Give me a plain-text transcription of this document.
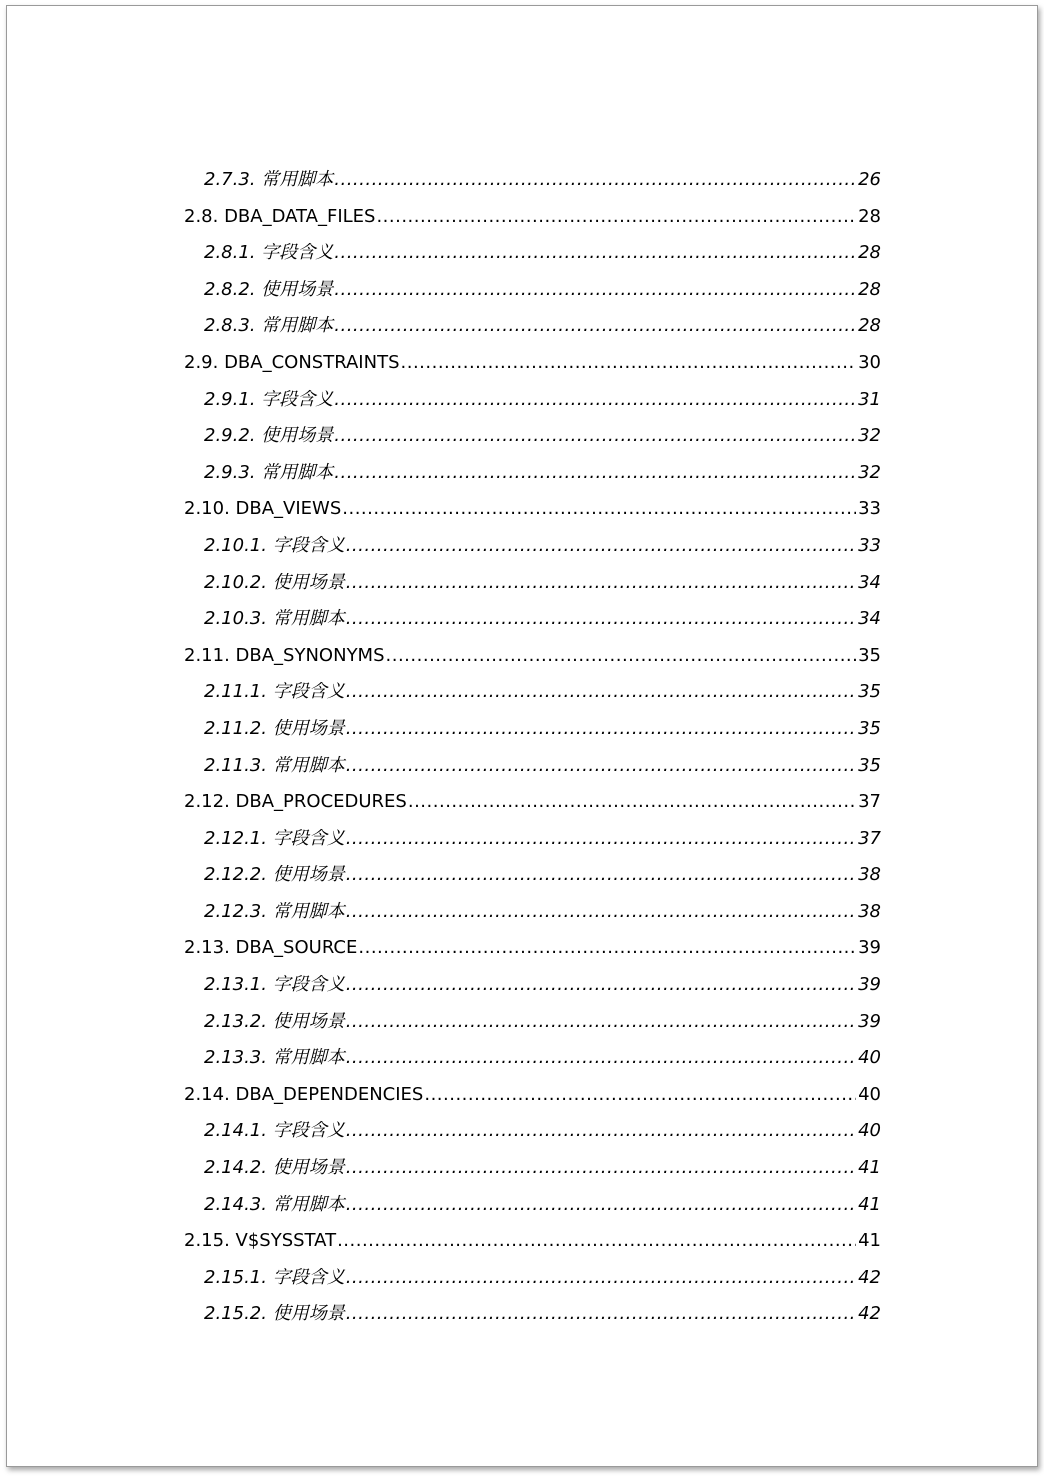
2.7.3. 常用脚本 .....	26
2.8. DBA_DATA_FILES .....	28
2.8.1. 字段含义 .....	28
2.8.2. 使用场景 .....	28
2.8.3. 常用脚本 .....	28
2.9. DBA_CONSTRAINTS .....	30
2.9.1. 字段含义 .....	31
2.9.2. 使用场景 .....	32
2.9.3. 常用脚本 .....	32
2.10. DBA_VIEWS .....	33
2.10.1. 字段含义 .....	33
2.10.2. 使用场景 .....	34
2.10.3. 常用脚本 .....	34
2.11. DBA_SYNONYMS .....	35
2.11.1. 字段含义 .....	35
2.11.2. 使用场景 .....	35
2.11.3. 常用脚本 .....	35
2.12. DBA_PROCEDURES .....	37
2.12.1. 字段含义 .....	37
2.12.2. 使用场景 .....	38
2.12.3. 常用脚本 .....	38
2.13. DBA_SOURCE .....	39
2.13.1. 字段含义 .....	39
2.13.2. 使用场景 .....	39
2.13.3. 常用脚本 .....	40
2.14. DBA_DEPENDENCIES .....	40
2.14.1. 字段含义 .....	40
2.14.2. 使用场景 .....	41
2.14.3. 常用脚本 .....	41
2.15. V$SYSSTAT .....	41
2.15.1. 字段含义 .....	42
2.15.2. 使用场景 .....	42
